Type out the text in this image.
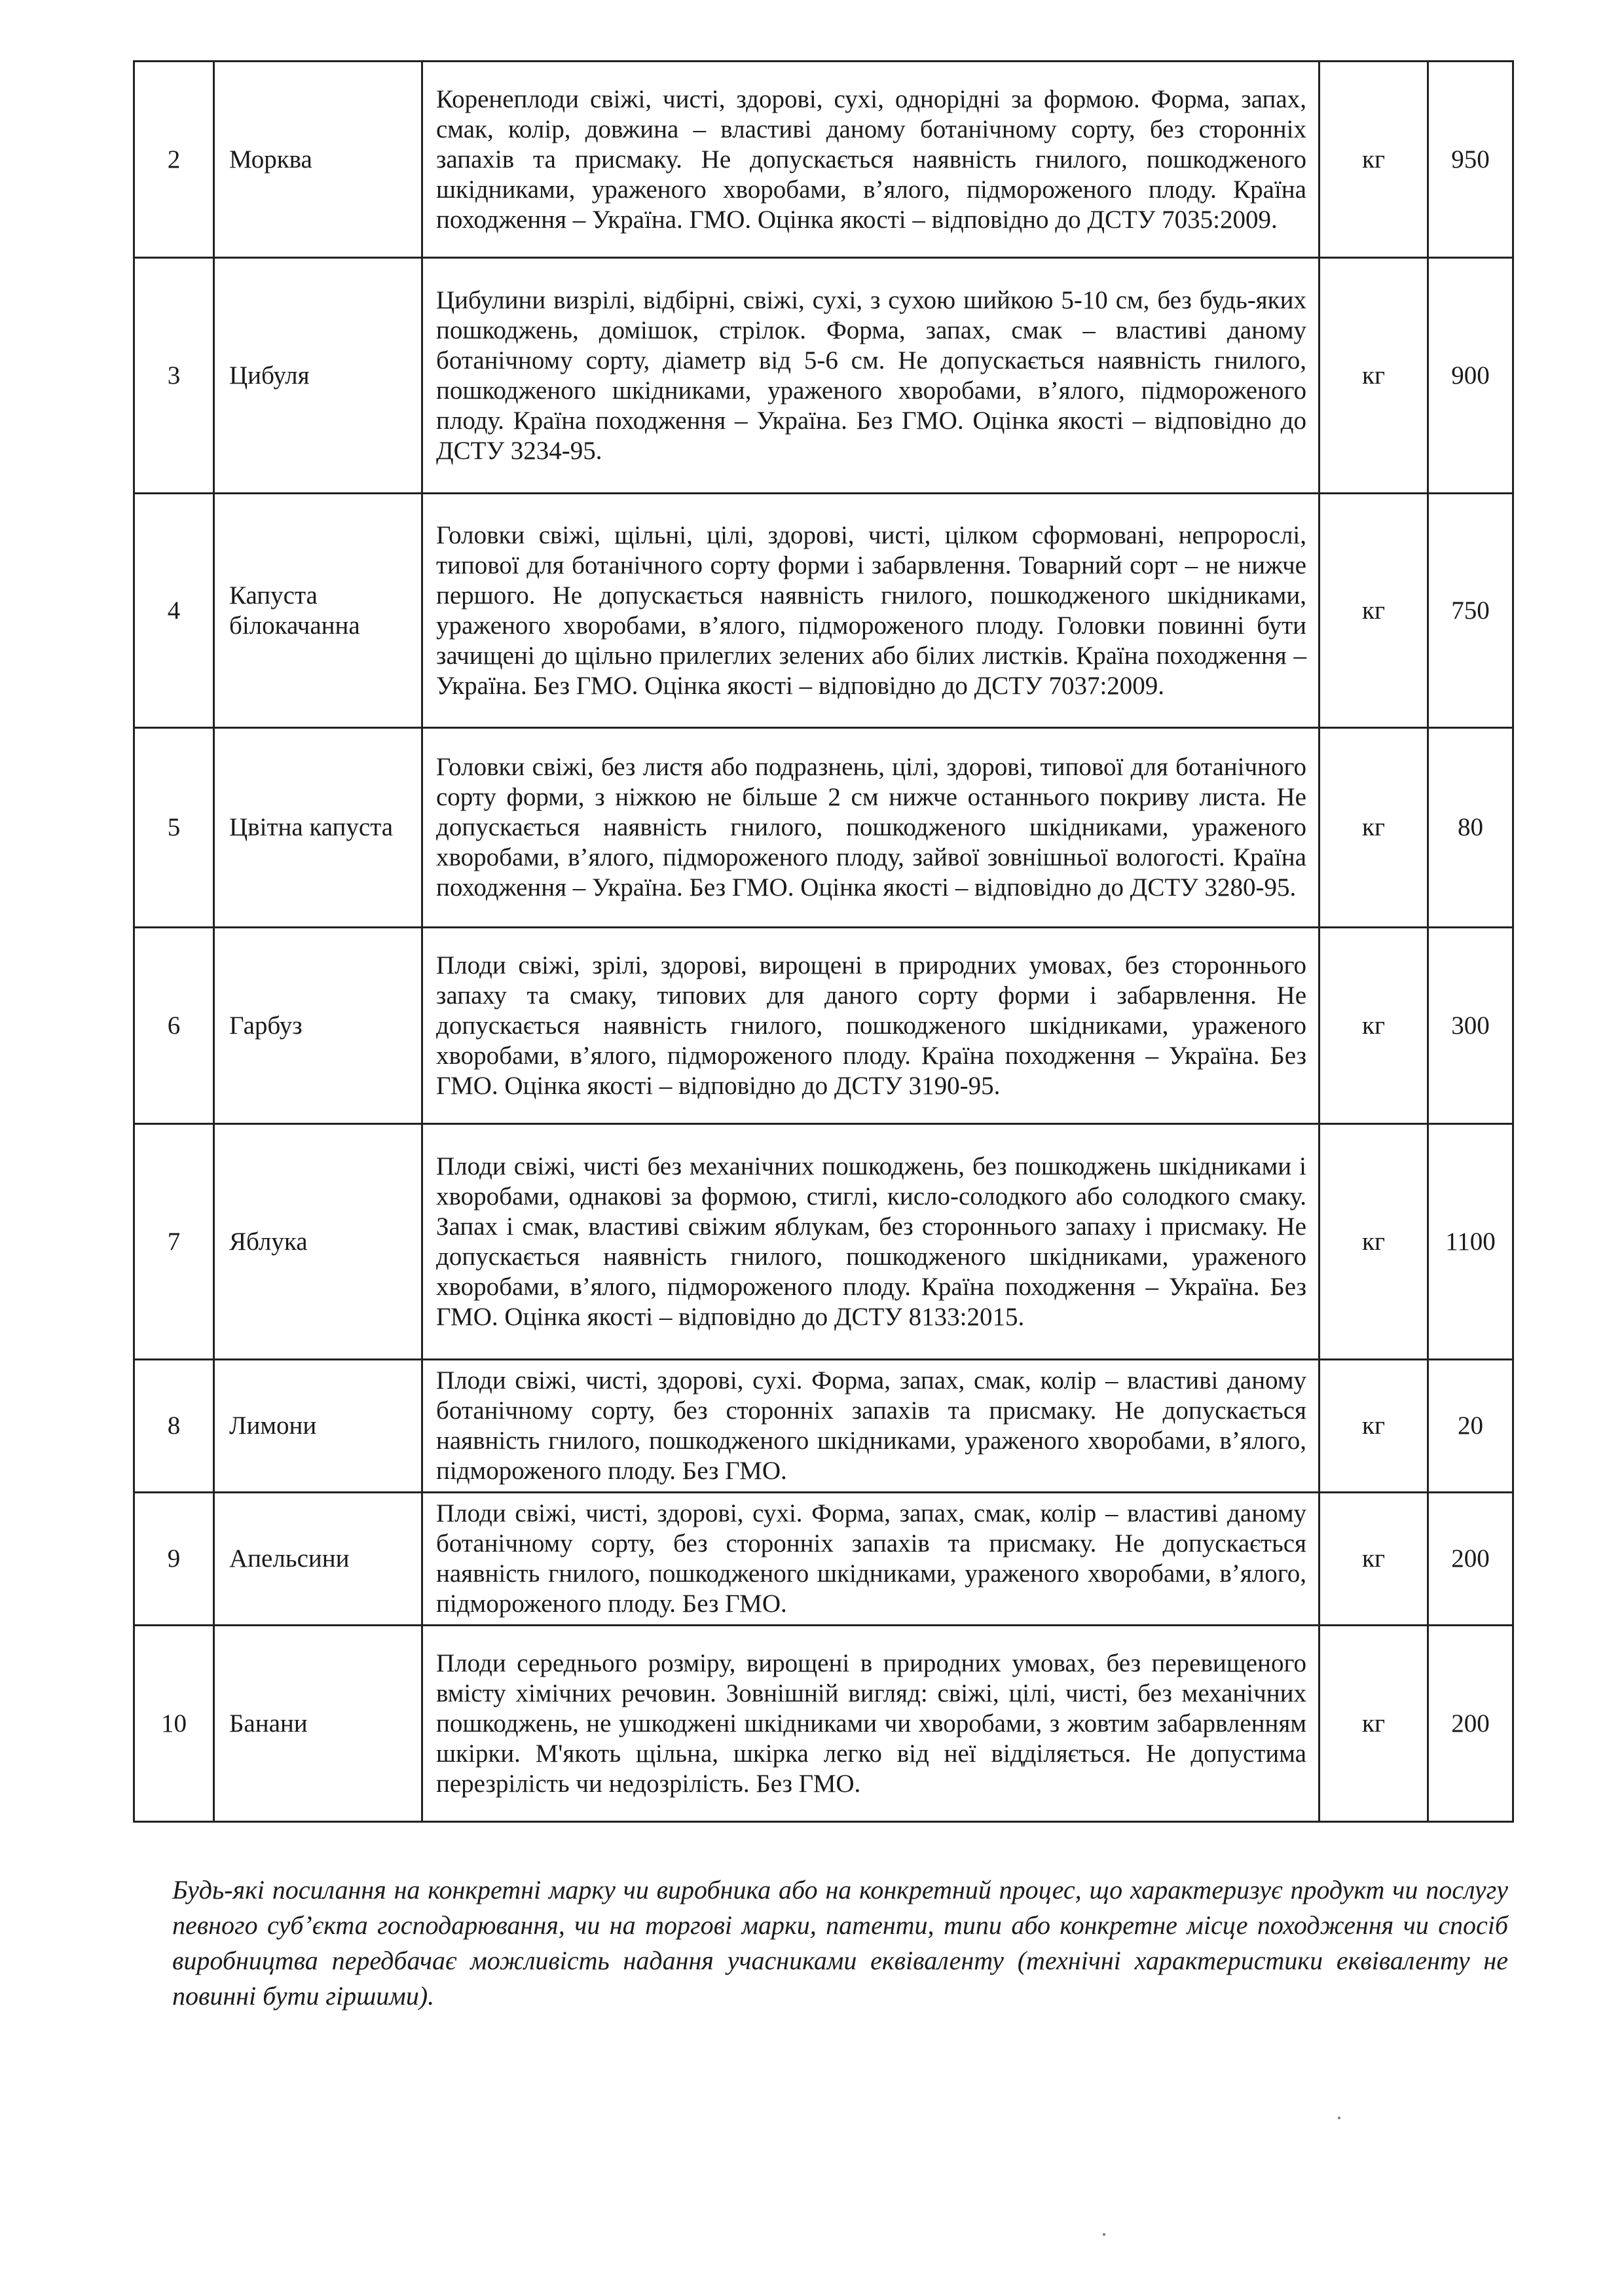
2	Морква	Коренеплоди свіжі, чисті, здорові, сухі, однорідні за формою. Форма, запах, смак, колір, довжина – властиві даному ботанічному сорту, без сторонніх запахів та присмаку. Не допускається наявність гнилого, пошкодженого шкідниками, ураженого хворобами, в’ялого, підмороженого плоду. Країна походження – Україна. ГМО. Оцінка якості – відповідно до ДСТУ 7035:2009.	кг	950
3	Цибуля	Цибулини визрілі, відбірні, свіжі, сухі, з сухою шийкою 5-10 см, без будь-яких пошкоджень, домішок, стрілок. Форма, запах, смак – властиві даному ботанічному сорту, діаметр від 5-6 см. Не допускається наявність гнилого, пошкодженого шкідниками, ураженого хворобами, в’ялого, підмороженого плоду. Країна походження – Україна. Без ГМО. Оцінка якості – відповідно до ДСТУ 3234-95.	кг	900
4	Капуста білокачанна	Головки свіжі, щільні, цілі, здорові, чисті, цілком сформовані, непророслі, типової для ботанічного сорту форми і забарвлення. Товарний сорт – не нижче першого. Не допускається наявність гнилого, пошкодженого шкідниками, ураженого хворобами, в’ялого, підмороженого плоду. Головки повинні бути зачищені до щільно прилеглих зелених або білих листків. Країна походження – Україна. Без ГМО. Оцінка якості – відповідно до ДСТУ 7037:2009.	кг	750
5	Цвітна капуста	Головки свіжі, без листя або подразнень, цілі, здорові, типової для ботанічного сорту форми, з ніжкою не більше 2 см нижче останнього покриву листа. Не допускається наявність гнилого, пошкодженого шкідниками, ураженого хворобами, в’ялого, підмороженого плоду, зайвої зовнішньої вологості. Країна походження – Україна. Без ГМО. Оцінка якості – відповідно до ДСТУ 3280-95.	кг	80
6	Гарбуз	Плоди свіжі, зрілі, здорові, вирощені в природних умовах, без стороннього запаху та смаку, типових для даного сорту форми і забарвлення. Не допускається наявність гнилого, пошкодженого шкідниками, ураженого хворобами, в’ялого, підмороженого плоду. Країна походження – Україна. Без ГМО. Оцінка якості – відповідно до ДСТУ 3190-95.	кг	300
7	Яблука	Плоди свіжі, чисті без механічних пошкоджень, без пошкоджень шкідниками і хворобами, однакові за формою, стиглі, кисло-солодкого або солодкого смаку. Запах і смак, властиві свіжим яблукам, без стороннього запаху і присмаку. Не допускається наявність гнилого, пошкодженого шкідниками, ураженого хворобами, в’ялого, підмороженого плоду. Країна походження – Україна. Без ГМО. Оцінка якості – відповідно до ДСТУ 8133:2015.	кг	1100
8	Лимони	Плоди свіжі, чисті, здорові, сухі. Форма, запах, смак, колір – властиві даному ботанічному сорту, без сторонніх запахів та присмаку. Не допускається наявність гнилого, пошкодженого шкідниками, ураженого хворобами, в’ялого, підмороженого плоду. Без ГМО.	кг	20
9	Апельсини	Плоди свіжі, чисті, здорові, сухі. Форма, запах, смак, колір – властиві даному ботанічному сорту, без сторонніх запахів та присмаку. Не допускається наявність гнилого, пошкодженого шкідниками, ураженого хворобами, в’ялого, підмороженого плоду. Без ГМО.	кг	200
10	Банани	Плоди середнього розміру, вирощені в природних умовах, без перевищеного вмісту хімічних речовин. Зовнішній вигляд: свіжі, цілі, чисті, без механічних пошкоджень, не ушкоджені шкідниками чи хворобами, з жовтим забарвленням шкірки. М'якоть щільна, шкірка легко від неї відділяється. Не допустима перезрілість чи недозрілість. Без ГМО.	кг	200
Будь-які посилання на конкретні марку чи виробника або на конкретний процес, що характеризує продукт чи послугу певного суб’єкта господарювання, чи на торгові марки, патенти, типи або конкретне місце походження чи спосіб виробництва передбачає можливість надання учасниками еквіваленту (технічні характеристики еквіваленту не повинні бути гіршими).
